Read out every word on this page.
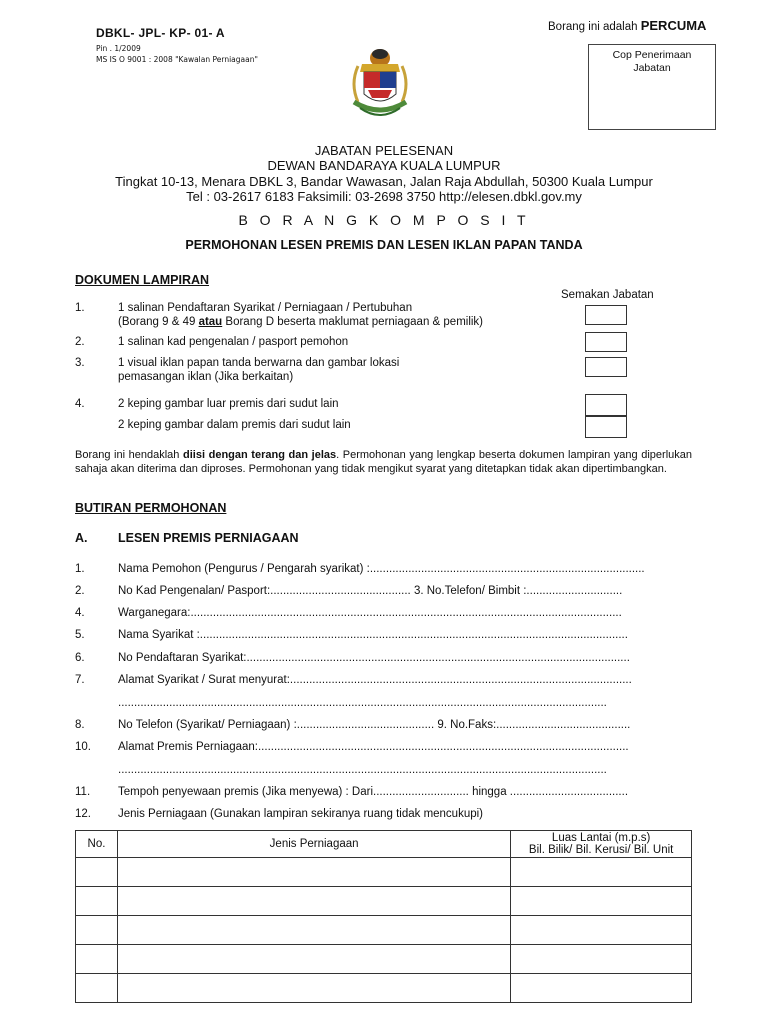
DBKL- JPL- KP- 01- A
Pin . 1/2009
MS IS O 9001 : 2008 "Kawalan Perniagaan"
Borang ini adalah PERCUMA
Cop Penerimaan
Jabatan
JABATAN PELESENAN
DEWAN BANDARAYA KUALA LUMPUR
Tingkat 10-13, Menara DBKL 3, Bandar Wawasan, Jalan Raja Abdullah, 50300 Kuala Lumpur
Tel : 03-2617 6183 Faksimili: 03-2698 3750 http://elesen.dbkl.gov.my
B O R A N G K O M P O S I T
PERMOHONAN LESEN PREMIS DAN LESEN IKLAN PAPAN TANDA
DOKUMEN LAMPIRAN
Semakan Jabatan
1.	1 salinan Pendaftaran Syarikat / Perniagaan / Pertubuhan
(Borang 9 & 49 atau Borang D beserta maklumat perniagaan & pemilik)
2.	1 salinan kad pengenalan / pasport pemohon
3.	1 visual iklan papan tanda berwarna dan gambar lokasi
pemasangan iklan (Jika berkaitan)
4.	2 keping gambar luar premis dari sudut lain
2 keping gambar dalam premis dari sudut lain
Borang ini hendaklah diisi dengan terang dan jelas. Permohonan yang lengkap beserta dokumen lampiran yang diperlukan sahaja akan diterima dan diproses. Permohonan yang tidak mengikut syarat yang ditetapkan tidak akan dipertimbangkan.
BUTIRAN PERMOHONAN
A. LESEN PREMIS PERNIAGAAN
1.	Nama Pemohon (Pengurus / Pengarah syarikat) :......................................................................................
2.	No Kad Pengenalan/ Pasport:............................................ 3. No.Telefon/ Bimbit :..............................
4.	Warganegara:.......................................................................................................................................
5.	Nama Syarikat :......................................................................................................................................
6.	No Pendaftaran Syarikat:........................................................................................................................
7.	Alamat Syarikat / Surat menyurat:...........................................................................................................
.........................................................................................................................................................
8.	No Telefon (Syarikat/ Perniagaan) :........................................... 9. No.Faks:..........................................
10. Alamat Premis Perniagaan:....................................................................................................................
.........................................................................................................................................................
11. Tempoh penyewaan premis (Jika menyewa) : Dari.............................. hingga .....................................
12. Jenis Perniagaan (Gunakan lampiran sekiranya ruang tidak mencukupi)
No.	Jenis Perniagaan	Luas Lantai (m.p.s)
Bil. Bilik/ Bil. Kerusi/ Bil. Unit
